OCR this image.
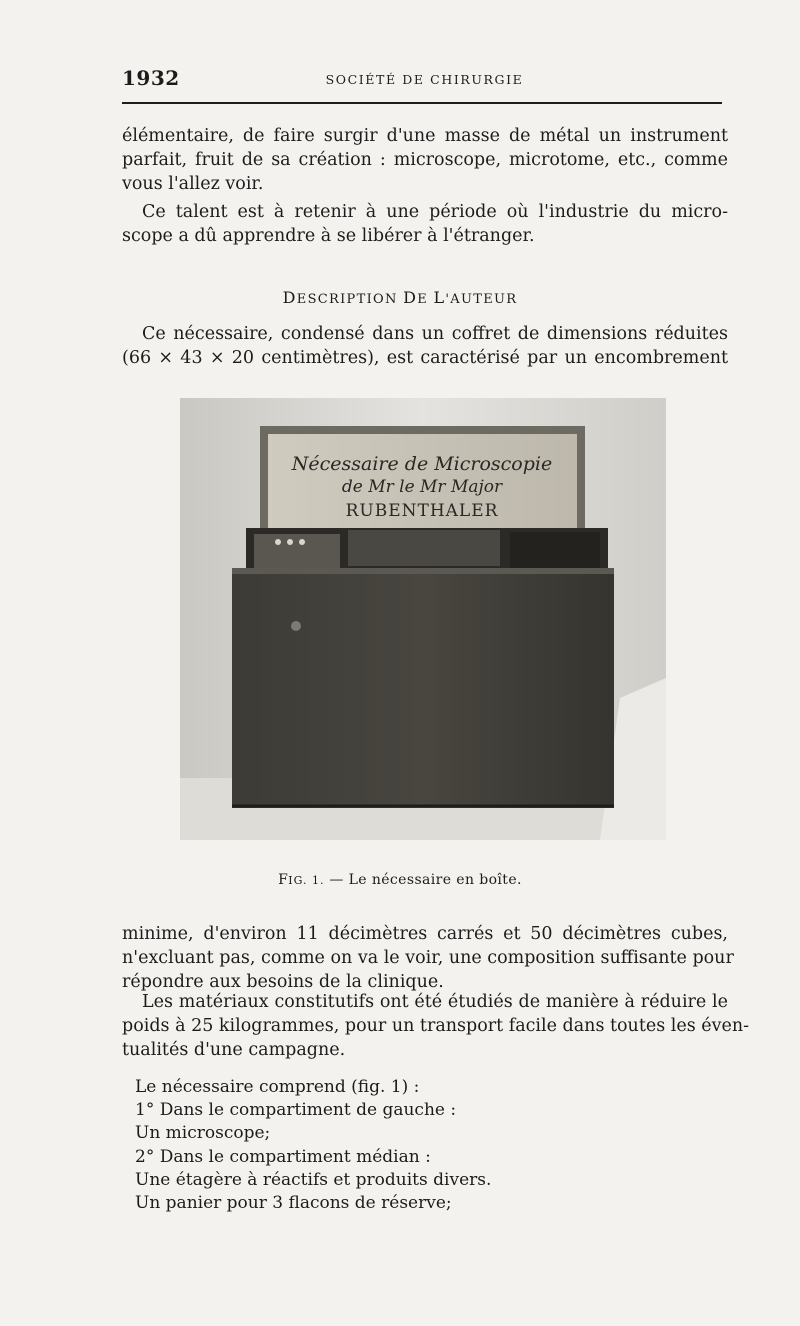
1932	SOCIÉTÉ DE CHIRURGIE

élémentaire, de faire surgir d'une masse de métal un instrument
parfait, fruit de sa création : microscope, microtome, etc., comme
vous l'allez voir.

Ce talent est à retenir à une période où l'industrie du micro-
scope a dû apprendre à se libérer à l'étranger.

DESCRIPTION DE L'AUTEUR

Ce nécessaire, condensé dans un coffret de dimensions réduites
(66 × 43 × 20 centimètres), est caractérisé par un encombrement

Nécessaire de Microscopie
de Mr le Mr Major
RUBENTHALER
FIG. 1. — Le nécessaire en boîte.

minime, d'environ 11 décimètres carrés et 50 décimètres cubes,
n'excluant pas, comme on va le voir, une composition suffisante pour
répondre aux besoins de la clinique.

Les matériaux constitutifs ont été étudiés de manière à réduire le
poids à 25 kilogrammes, pour un transport facile dans toutes les éven-
tualités d'une campagne.

Le nécessaire comprend (fig. 1) :
1° Dans le compartiment de gauche :
Un microscope;
2° Dans le compartiment médian :
Une étagère à réactifs et produits divers.
Un panier pour 3 flacons de réserve;
